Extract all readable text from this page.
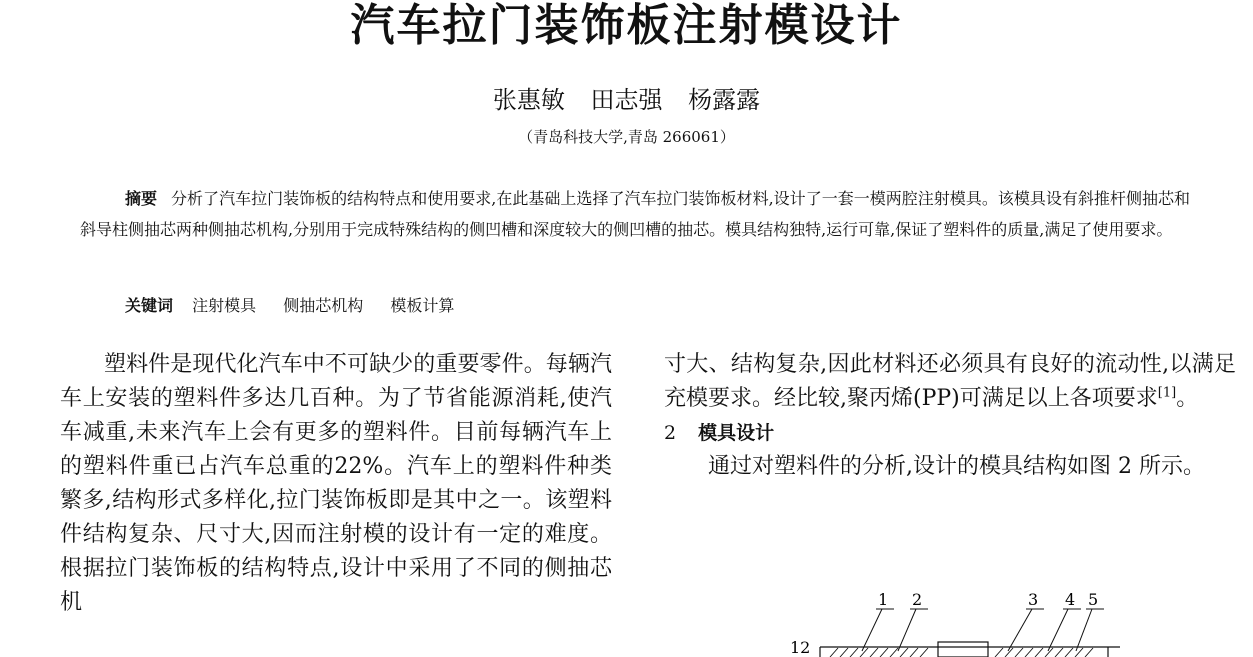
汽车拉门装饰板注射模设计
张惠敏 田志强 杨露露
（青岛科技大学,青岛 266061）

摘要 分析了汽车拉门装饰板的结构特点和使用要求,在此基础上选择了汽车拉门装饰板材料,设计了一套一模两腔注射模具。该模具设有斜推杆侧抽芯和斜导柱侧抽芯两种侧抽芯机构,分别用于完成特殊结构的侧凹槽和深度较大的侧凹槽的抽芯。模具结构独特,运行可靠,保证了塑料件的质量,满足了使用要求。

关键词 注射模具 侧抽芯机构 模板计算

塑料件是现代化汽车中不可缺少的重要零件。每辆汽车上安装的塑料件多达几百种。为了节省能源消耗,使汽车减重,未来汽车上会有更多的塑料件。目前每辆汽车上的塑料件重已占汽车总重的22%。汽车上的塑料件种类繁多,结构形式多样化,拉门装饰板即是其中之一。该塑料件结构复杂、尺寸大,因而注射模的设计有一定的难度。根据拉门装饰板的结构特点,设计中采用了不同的侧抽芯机

寸大、结构复杂,因此材料还必须具有良好的流动性,以满足充模要求。经比较,聚丙烯(PP)可满足以上各项要求[1]。

2 模具设计

通过对塑料件的分析,设计的模具结构如图 2 所示。

1 2	3 4 5
12
